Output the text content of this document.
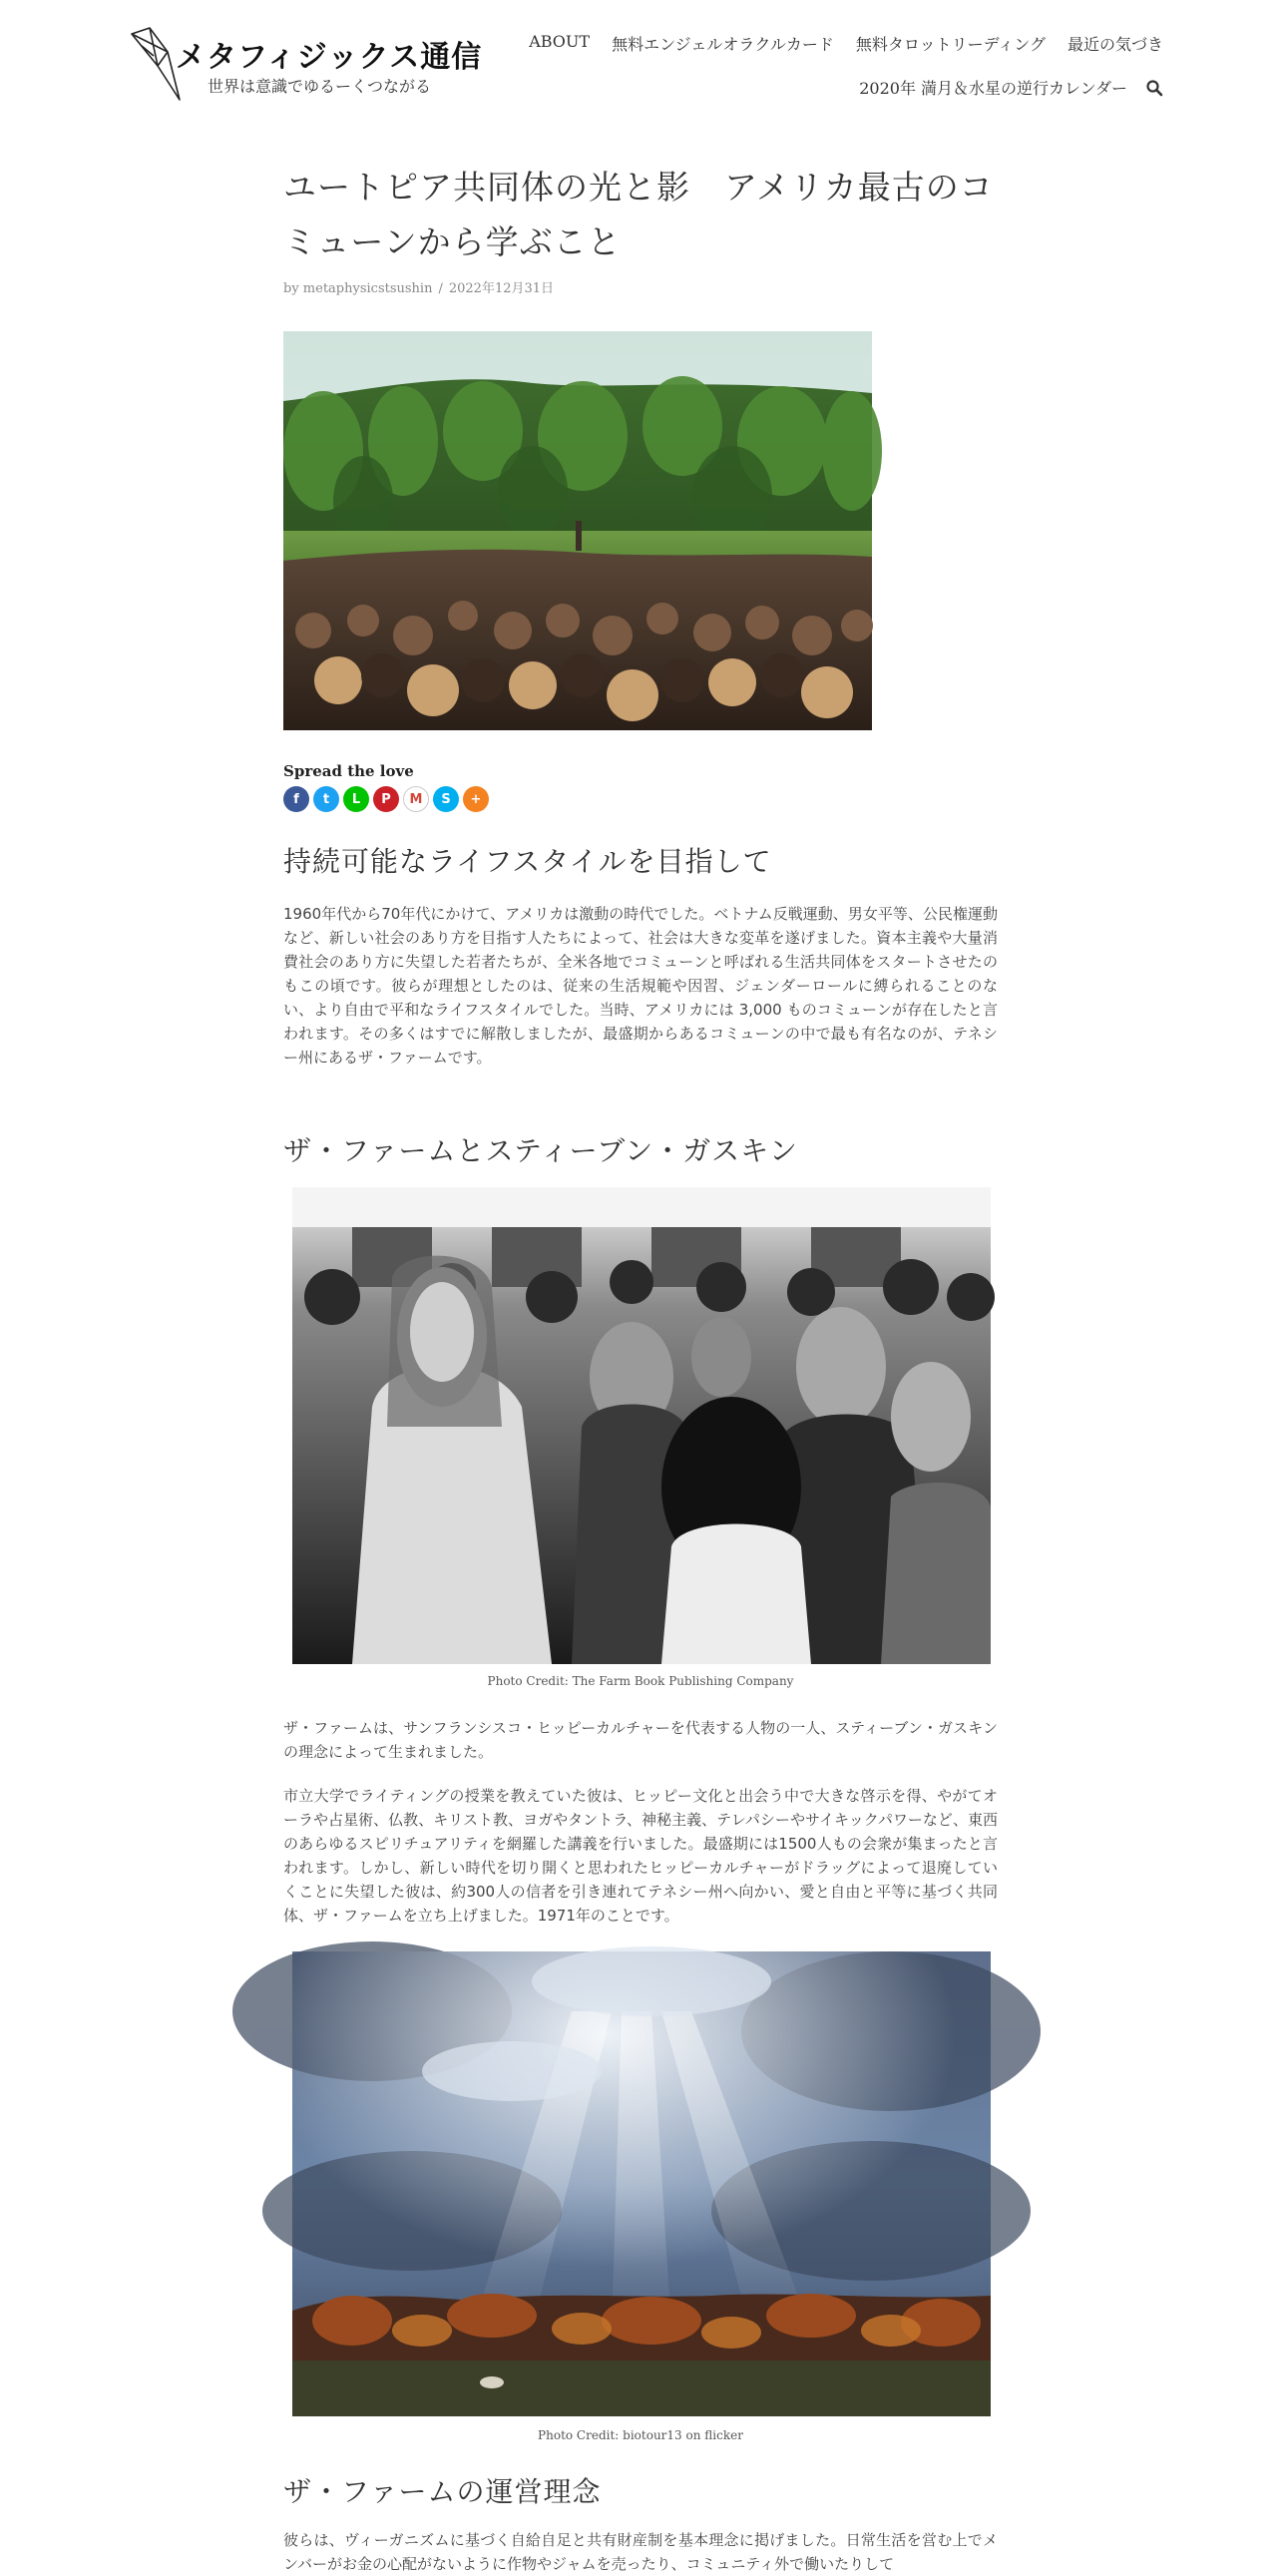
メタフィジックス通信
世界は意識でゆるーくつながる
ABOUT 無料エンジェルオラクルカード 無料タロットリーディング 最近の気づき
2020年 満月＆水星の逆行カレンダー
ユートピア共同体の光と影　アメリカ最古のコミューンから学ぶこと
by metaphysicstsushin / 2022年12月31日
Spread the love
f	t	L	P	M	S	+
持続可能なライフスタイルを目指して

1960年代から70年代にかけて、アメリカは激動の時代でした。ベトナム反戦運動、男女平等、公民権運動など、新しい社会のあり方を目指す人たちによって、社会は大きな変革を遂げました。資本主義や大量消費社会のあり方に失望した若者たちが、全米各地でコミューンと呼ばれる生活共同体をスタートさせたのもこの頃です。彼らが理想としたのは、従来の生活規範や因習、ジェンダーロールに縛られることのない、より自由で平和なライフスタイルでした。当時、アメリカには 3,000 ものコミューンが存在したと言われます。その多くはすでに解散しましたが、最盛期からあるコミューンの中で最も有名なのが、テネシー州にあるザ・ファームです。

ザ・ファームとスティーブン・ガスキン
Photo Credit: The Farm Book Publishing Company

ザ・ファームは、サンフランシスコ・ヒッピーカルチャーを代表する人物の一人、スティーブン・ガスキンの理念によって生まれました。

市立大学でライティングの授業を教えていた彼は、ヒッピー文化と出会う中で大きな啓示を得、やがてオーラや占星術、仏教、キリスト教、ヨガやタントラ、神秘主義、テレパシーやサイキックパワーなど、東西のあらゆるスピリチュアリティを網羅した講義を行いました。最盛期には1500人もの会衆が集まったと言われます。しかし、新しい時代を切り開くと思われたヒッピーカルチャーがドラッグによって退廃していくことに失望した彼は、約300人の信者を引き連れてテネシー州へ向かい、愛と自由と平等に基づく共同体、ザ・ファームを立ち上げました。1971年のことです。

Photo Credit: biotour13 on flicker
ザ・ファームの運営理念

彼らは、ヴィーガニズムに基づく自給自足と共有財産制を基本理念に掲げました。日常生活を営む上でメンバーがお金の心配がないように作物やジャムを売ったり、コミュニティ外で働いたりして
